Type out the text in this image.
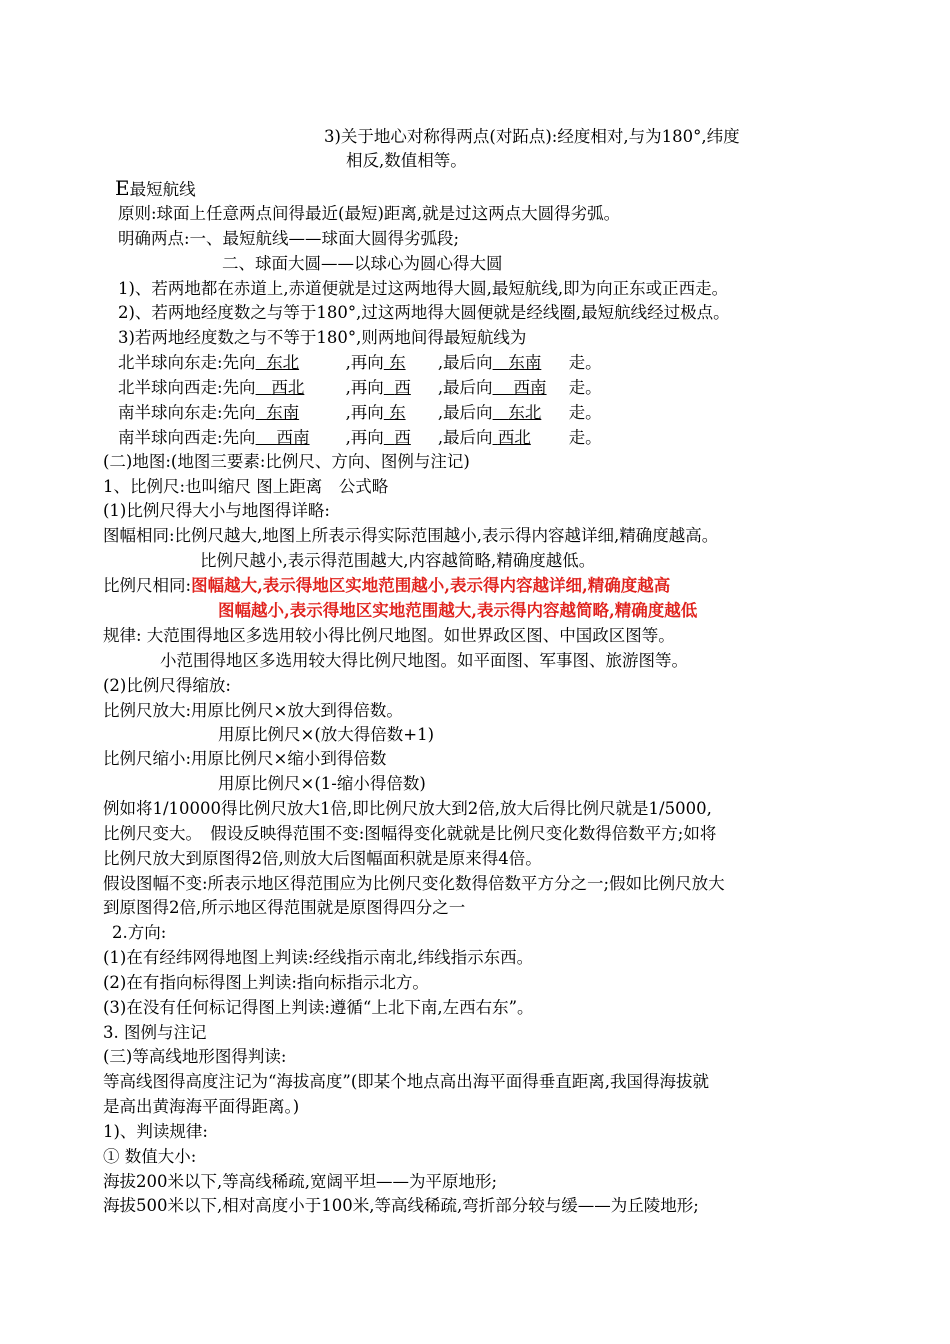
3)关于地心对称得两点(对跖点):经度相对,与为180°,纬度
相反,数值相等。
E最短航线
原则:球面上任意两点间得最近(最短)距离,就是过这两点大圆得劣弧。
明确两点:一、最短航线——球面大圆得劣弧段;
二、球面大圆——以球心为圆心得大圆
1)、若两地都在赤道上,赤道便就是过这两地得大圆,最短航线,即为向正东或正西走。
2)、若两地经度数之与等于180°,过这两地得大圆便就是经线圈,最短航线经过极点。
3)若两地经度数之与不等于180°,则两地间得最短航线为
北半球向东走:先向 东北	,再向 东 ,最后向 东南 走。
北半球向西走:先向 西北	,再向 西 ,最后向 西南 走。
南半球向东走:先向 东南	,再向 东 ,最后向 东北 走。
南半球向西走:先向 西南 ,再向 西 ,最后向 西北 走。
(二)地图:(地图三要素:比例尺、方向、图例与注记)
1、比例尺:也叫缩尺 图上距离　公式略
(1)比例尺得大小与地图得详略:
图幅相同:比例尺越大,地图上所表示得实际范围越小,表示得内容越详细,精确度越高。
比例尺越小,表示得范围越大,内容越简略,精确度越低。
比例尺相同:图幅越大,表示得地区实地范围越小,表示得内容越详细,精确度越高
图幅越小,表示得地区实地范围越大,表示得内容越简略,精确度越低
规律: 大范围得地区多选用较小得比例尺地图。如世界政区图、中国政区图等。
小范围得地区多选用较大得比例尺地图。如平面图、军事图、旅游图等。
(2)比例尺得缩放:
比例尺放大:用原比例尺×放大到得倍数。
用原比例尺×(放大得倍数+1)
比例尺缩小:用原比例尺×缩小到得倍数
用原比例尺×(1-缩小得倍数)
例如将1/10000得比例尺放大1倍,即比例尺放大到2倍,放大后得比例尺就是1/5000,
比例尺变大。　假设反映得范围不变:图幅得变化就就是比例尺变化数得倍数平方;如将
比例尺放大到原图得2倍,则放大后图幅面积就是原来得4倍。
假设图幅不变:所表示地区得范围应为比例尺变化数得倍数平方分之一;假如比例尺放大
到原图得2倍,所示地区得范围就是原图得四分之一
2.方向:
(1)在有经纬网得地图上判读:经线指示南北,纬线指示东西。
(2)在有指向标得图上判读:指向标指示北方。
(3)在没有任何标记得图上判读:遵循“上北下南,左西右东”。
3. 图例与注记
(三)等高线地形图得判读:
等高线图得高度注记为“海拔高度”(即某个地点高出海平面得垂直距离,我国得海拔就
是高出黄海海平面得距离。)
1)、判读规律:
① 数值大小:
海拔200米以下,等高线稀疏,宽阔平坦——为平原地形;
海拔500米以下,相对高度小于100米,等高线稀疏,弯折部分较与缓——为丘陵地形;
